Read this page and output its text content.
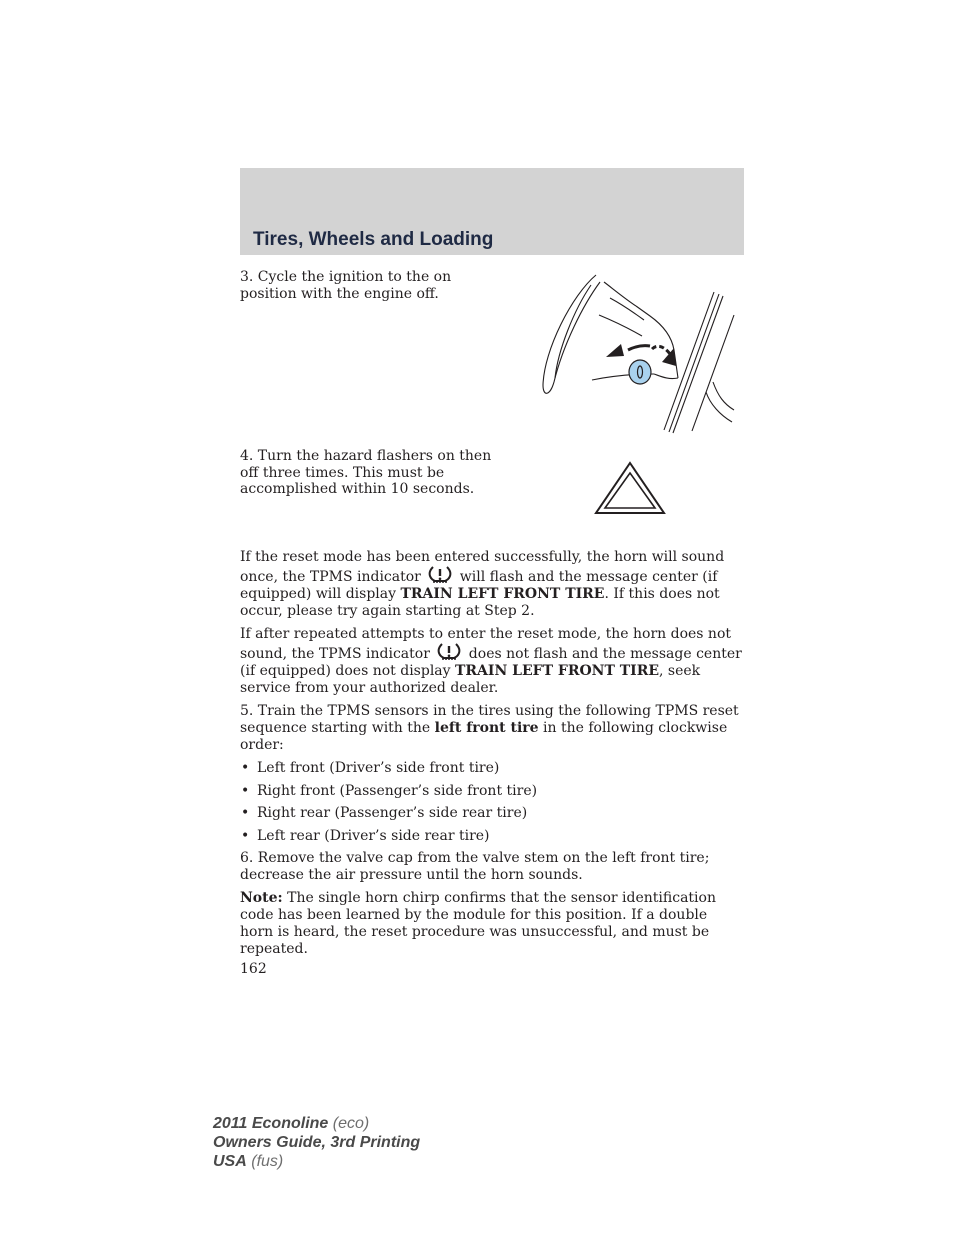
Tires, Wheels and Loading
3. Cycle the ignition to the on position with the engine off.
4. Turn the hazard flashers on then off three times. This must be accomplished within 10 seconds.

If the reset mode has been entered successfully, the horn will sound once, the TPMS indicator	will flash and the message center (if equipped) will display TRAIN LEFT FRONT TIRE. If this does not occur, please try again starting at Step 2.

If after repeated attempts to enter the reset mode, the horn does not sound, the TPMS indicator	does not flash and the message center (if equipped) does not display TRAIN LEFT FRONT TIRE, seek service from your authorized dealer.

5. Train the TPMS sensors in the tires using the following TPMS reset sequence starting with the left front tire in the following clockwise order:

• Left front (Driver’s side front tire)
• Right front (Passenger’s side front tire)
• Right rear (Passenger’s side rear tire)
• Left rear (Driver’s side rear tire)

6. Remove the valve cap from the valve stem on the left front tire; decrease the air pressure until the horn sounds.

Note: The single horn chirp confirms that the sensor identification code has been learned by the module for this position. If a double horn is heard, the reset procedure was unsuccessful, and must be repeated.

162
2011 Econoline (eco)
Owners Guide, 3rd Printing
USA (fus)
